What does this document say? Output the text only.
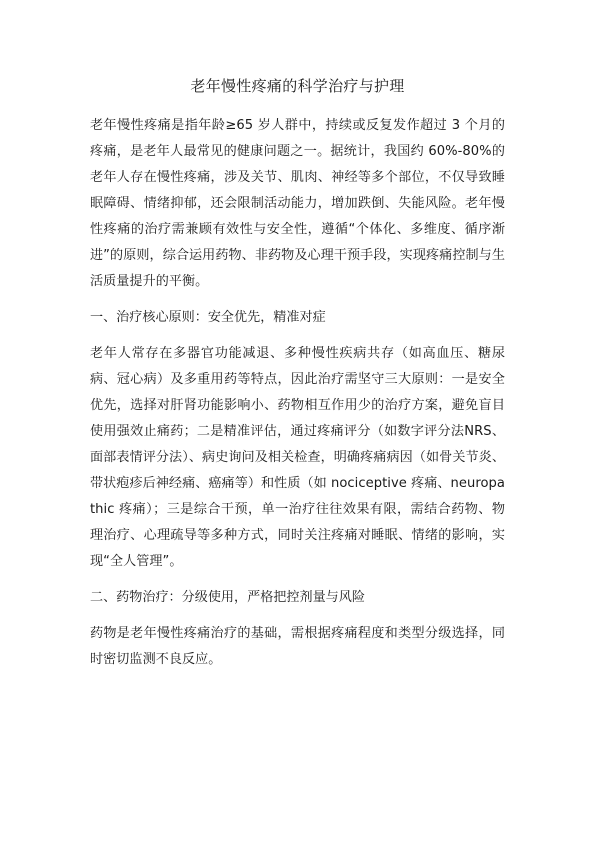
老年慢性疼痛的科学治疗与护理

老年慢性疼痛是指年龄≥65 岁人群中，持续或反复发作超过 3 个月的疼痛，是老年人最常见的健康问题之一。据统计，我国约 60%-80%的老年人存在慢性疼痛，涉及关节、肌肉、神经等多个部位，不仅导致睡眠障碍、情绪抑郁，还会限制活动能力，增加跌倒、失能风险。老年慢性疼痛的治疗需兼顾有效性与安全性，遵循“个体化、多维度、循序渐进”的原则，综合运用药物、非药物及心理干预手段，实现疼痛控制与生活质量提升的平衡。

一、治疗核心原则：安全优先，精准对症

老年人常存在多器官功能减退、多种慢性疾病共存（如高血压、糖尿病、冠心病）及多重用药等特点，因此治疗需坚守三大原则：一是安全优先，选择对肝肾功能影响小、药物相互作用少的治疗方案，避免盲目使用强效止痛药；二是精准评估，通过疼痛评分（如数字评分法NRS、面部表情评分法）、病史询问及相关检查，明确疼痛病因（如骨关节炎、带状疱疹后神经痛、癌痛等）和性质（如 nociceptive 疼痛、neuropathic 疼痛）；三是综合干预，单一治疗往往效果有限，需结合药物、物理治疗、心理疏导等多种方式，同时关注疼痛对睡眠、情绪的影响，实现“全人管理”。

二、药物治疗：分级使用，严格把控剂量与风险

药物是老年慢性疼痛治疗的基础，需根据疼痛程度和类型分级选择，同时密切监测不良反应。
